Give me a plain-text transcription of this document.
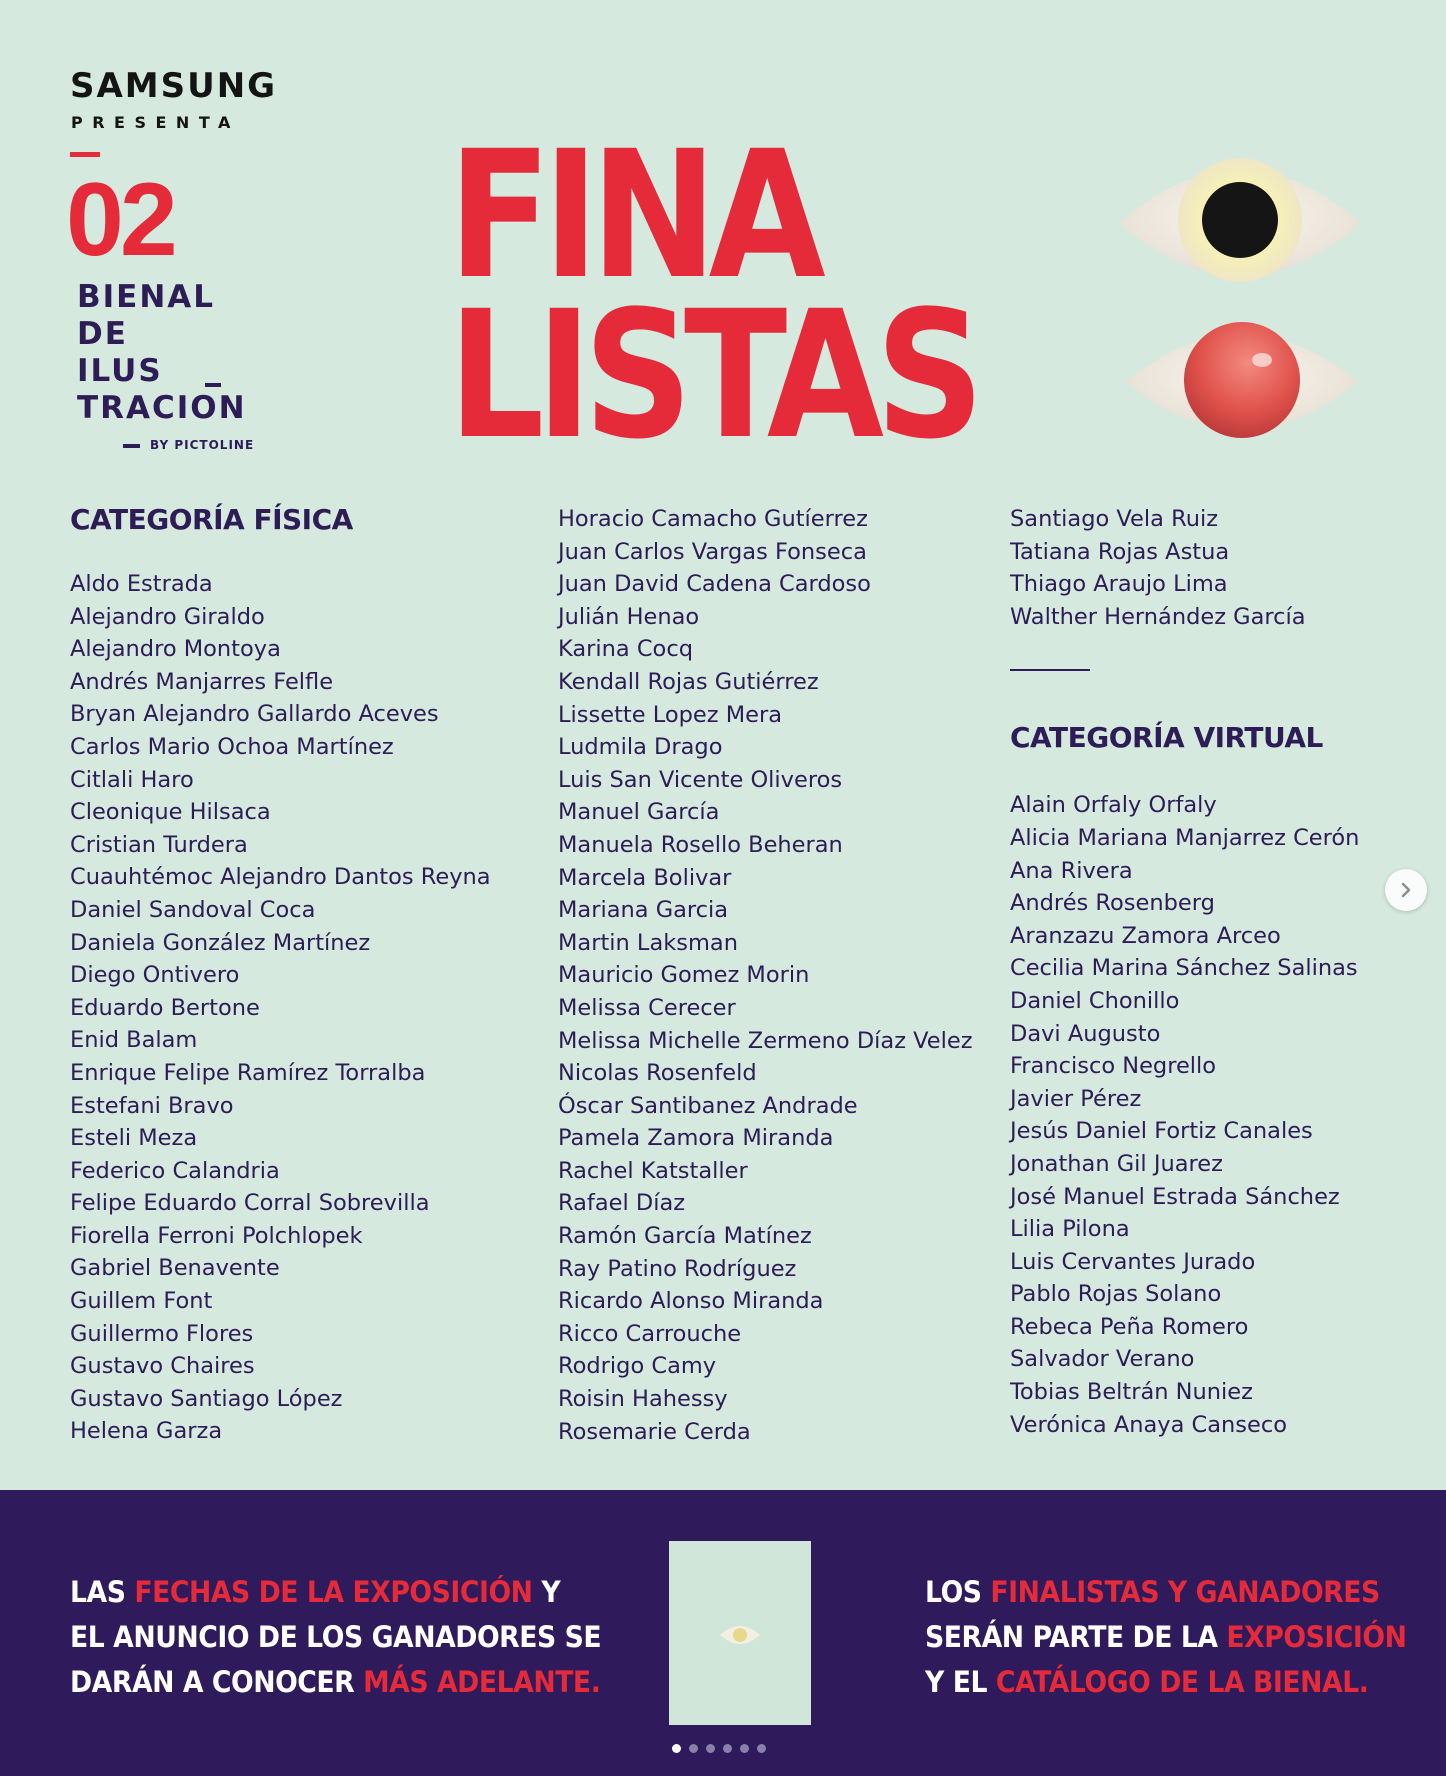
SAMSUNG
PRESENTA
02
BIENAL
DE
ILUS
TRACION
BY PICTOLINE
FINA
LISTAS
CATEGORÍA FÍSICA
Aldo Estrada
Alejandro Giraldo
Alejandro Montoya
Andrés Manjarres Felfle
Bryan Alejandro Gallardo Aceves
Carlos Mario Ochoa Martínez
Citlali Haro
Cleonique Hilsaca
Cristian Turdera
Cuauhtémoc Alejandro Dantos Reyna
Daniel Sandoval Coca
Daniela González Martínez
Diego Ontivero
Eduardo Bertone
Enid Balam
Enrique Felipe Ramírez Torralba
Estefani Bravo
Esteli Meza
Federico Calandria
Felipe Eduardo Corral Sobrevilla
Fiorella Ferroni Polchlopek
Gabriel Benavente
Guillem Font
Guillermo Flores
Gustavo Chaires
Gustavo Santiago López
Helena Garza
Horacio Camacho Gutíerrez
Juan Carlos Vargas Fonseca
Juan David Cadena Cardoso
Julián Henao
Karina Cocq
Kendall Rojas Gutiérrez
Lissette Lopez Mera
Ludmila Drago
Luis San Vicente Oliveros
Manuel García
Manuela Rosello Beheran
Marcela Bolivar
Mariana Garcia
Martin Laksman
Mauricio Gomez Morin
Melissa Cerecer
Melissa Michelle Zermeno Díaz Velez
Nicolas Rosenfeld
Óscar Santibanez Andrade
Pamela Zamora Miranda
Rachel Katstaller
Rafael Díaz
Ramón García Matínez
Ray Patino Rodríguez
Ricardo Alonso Miranda
Ricco Carrouche
Rodrigo Camy
Roisin Hahessy
Rosemarie Cerda
Santiago Vela Ruiz
Tatiana Rojas Astua
Thiago Araujo Lima
Walther Hernández García
CATEGORÍA VIRTUAL
Alain Orfaly Orfaly
Alicia Mariana Manjarrez Cerón
Ana Rivera
Andrés Rosenberg
Aranzazu Zamora Arceo
Cecilia Marina Sánchez Salinas
Daniel Chonillo
Davi Augusto
Francisco Negrello
Javier Pérez
Jesús Daniel Fortiz Canales
Jonathan Gil Juarez
José Manuel Estrada Sánchez
Lilia Pilona
Luis Cervantes Jurado
Pablo Rojas Solano
Rebeca Peña Romero
Salvador Verano
Tobias Beltrán Nuniez
Verónica Anaya Canseco
LAS FECHAS DE LA EXPOSICIÓN Y
EL ANUNCIO DE LOS GANADORES SE
DARÁN A CONOCER MÁS ADELANTE.
LOS FINALISTAS Y GANADORES
SERÁN PARTE DE LA EXPOSICIÓN
Y EL CATÁLOGO DE LA BIENAL.
